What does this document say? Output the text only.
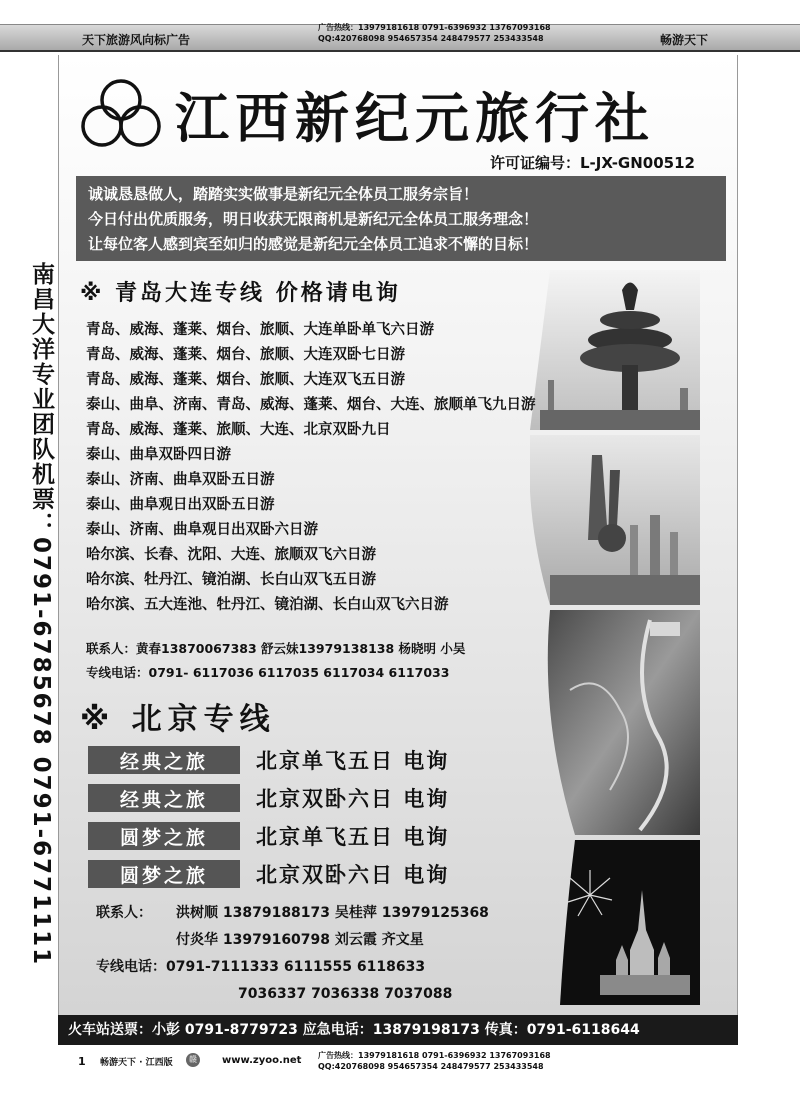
广告热线：13979181618 0791-6396932 13767093168
QQ:420768098 954657354 248479577 253433548
天下旅游风向标广告	畅游天下
江西新纪元旅行社
许可证编号：L-JX-GN00512
诚诚恳恳做人，踏踏实实做事是新纪元全体员工服务宗旨！
今日付出优质服务，明日收获无限商机是新纪元全体员工服务理念！
让每位客人感到宾至如归的感觉是新纪元全体员工追求不懈的目标！
南昌大洋专业团队机票：0791-6785678 0791-6771111 ※ 青岛大连专线 价格请电询
青岛、威海、蓬莱、烟台、旅顺、大连单卧单飞六日游
青岛、威海、蓬莱、烟台、旅顺、大连双卧七日游
青岛、威海、蓬莱、烟台、旅顺、大连双飞五日游
泰山、曲阜、济南、青岛、威海、蓬莱、烟台、大连、旅顺单飞九日游
青岛、威海、蓬莱、旅顺、大连、北京双卧九日
泰山、曲阜双卧四日游
泰山、济南、曲阜双卧五日游
泰山、曲阜观日出双卧五日游
泰山、济南、曲阜观日出双卧六日游
哈尔滨、长春、沈阳、大连、旅顺双飞六日游
哈尔滨、牡丹江、镜泊湖、长白山双飞五日游
哈尔滨、五大连池、牡丹江、镜泊湖、长白山双飞六日游
联系人：黄春13870067383 舒云妹13979138138 杨晓明 小吴
专线电话：0791- 6117036 6117035 6117034 6117033
※ 北京专线
经典之旅	北京单飞五日 电询
经典之旅	北京双卧六日 电询
圆梦之旅	北京单飞五日 电询
圆梦之旅	北京双卧六日 电询
联系人：	洪树顺 13879188173 吴桂萍 13979125368
付炎华 13979160798 刘云霞 齐文星
专线电话：0791-7111333 6111555 6118633
7036337 7036338 7037088
火车站送票：小彭 0791-8779723 应急电话：13879198173 传真：0791-6118644
1 畅游天下 · 江西版	赣	www.zyoo.net 广告热线：13979181618 0791-6396932 13767093168
QQ:420768098 954657354 248479577 253433548
